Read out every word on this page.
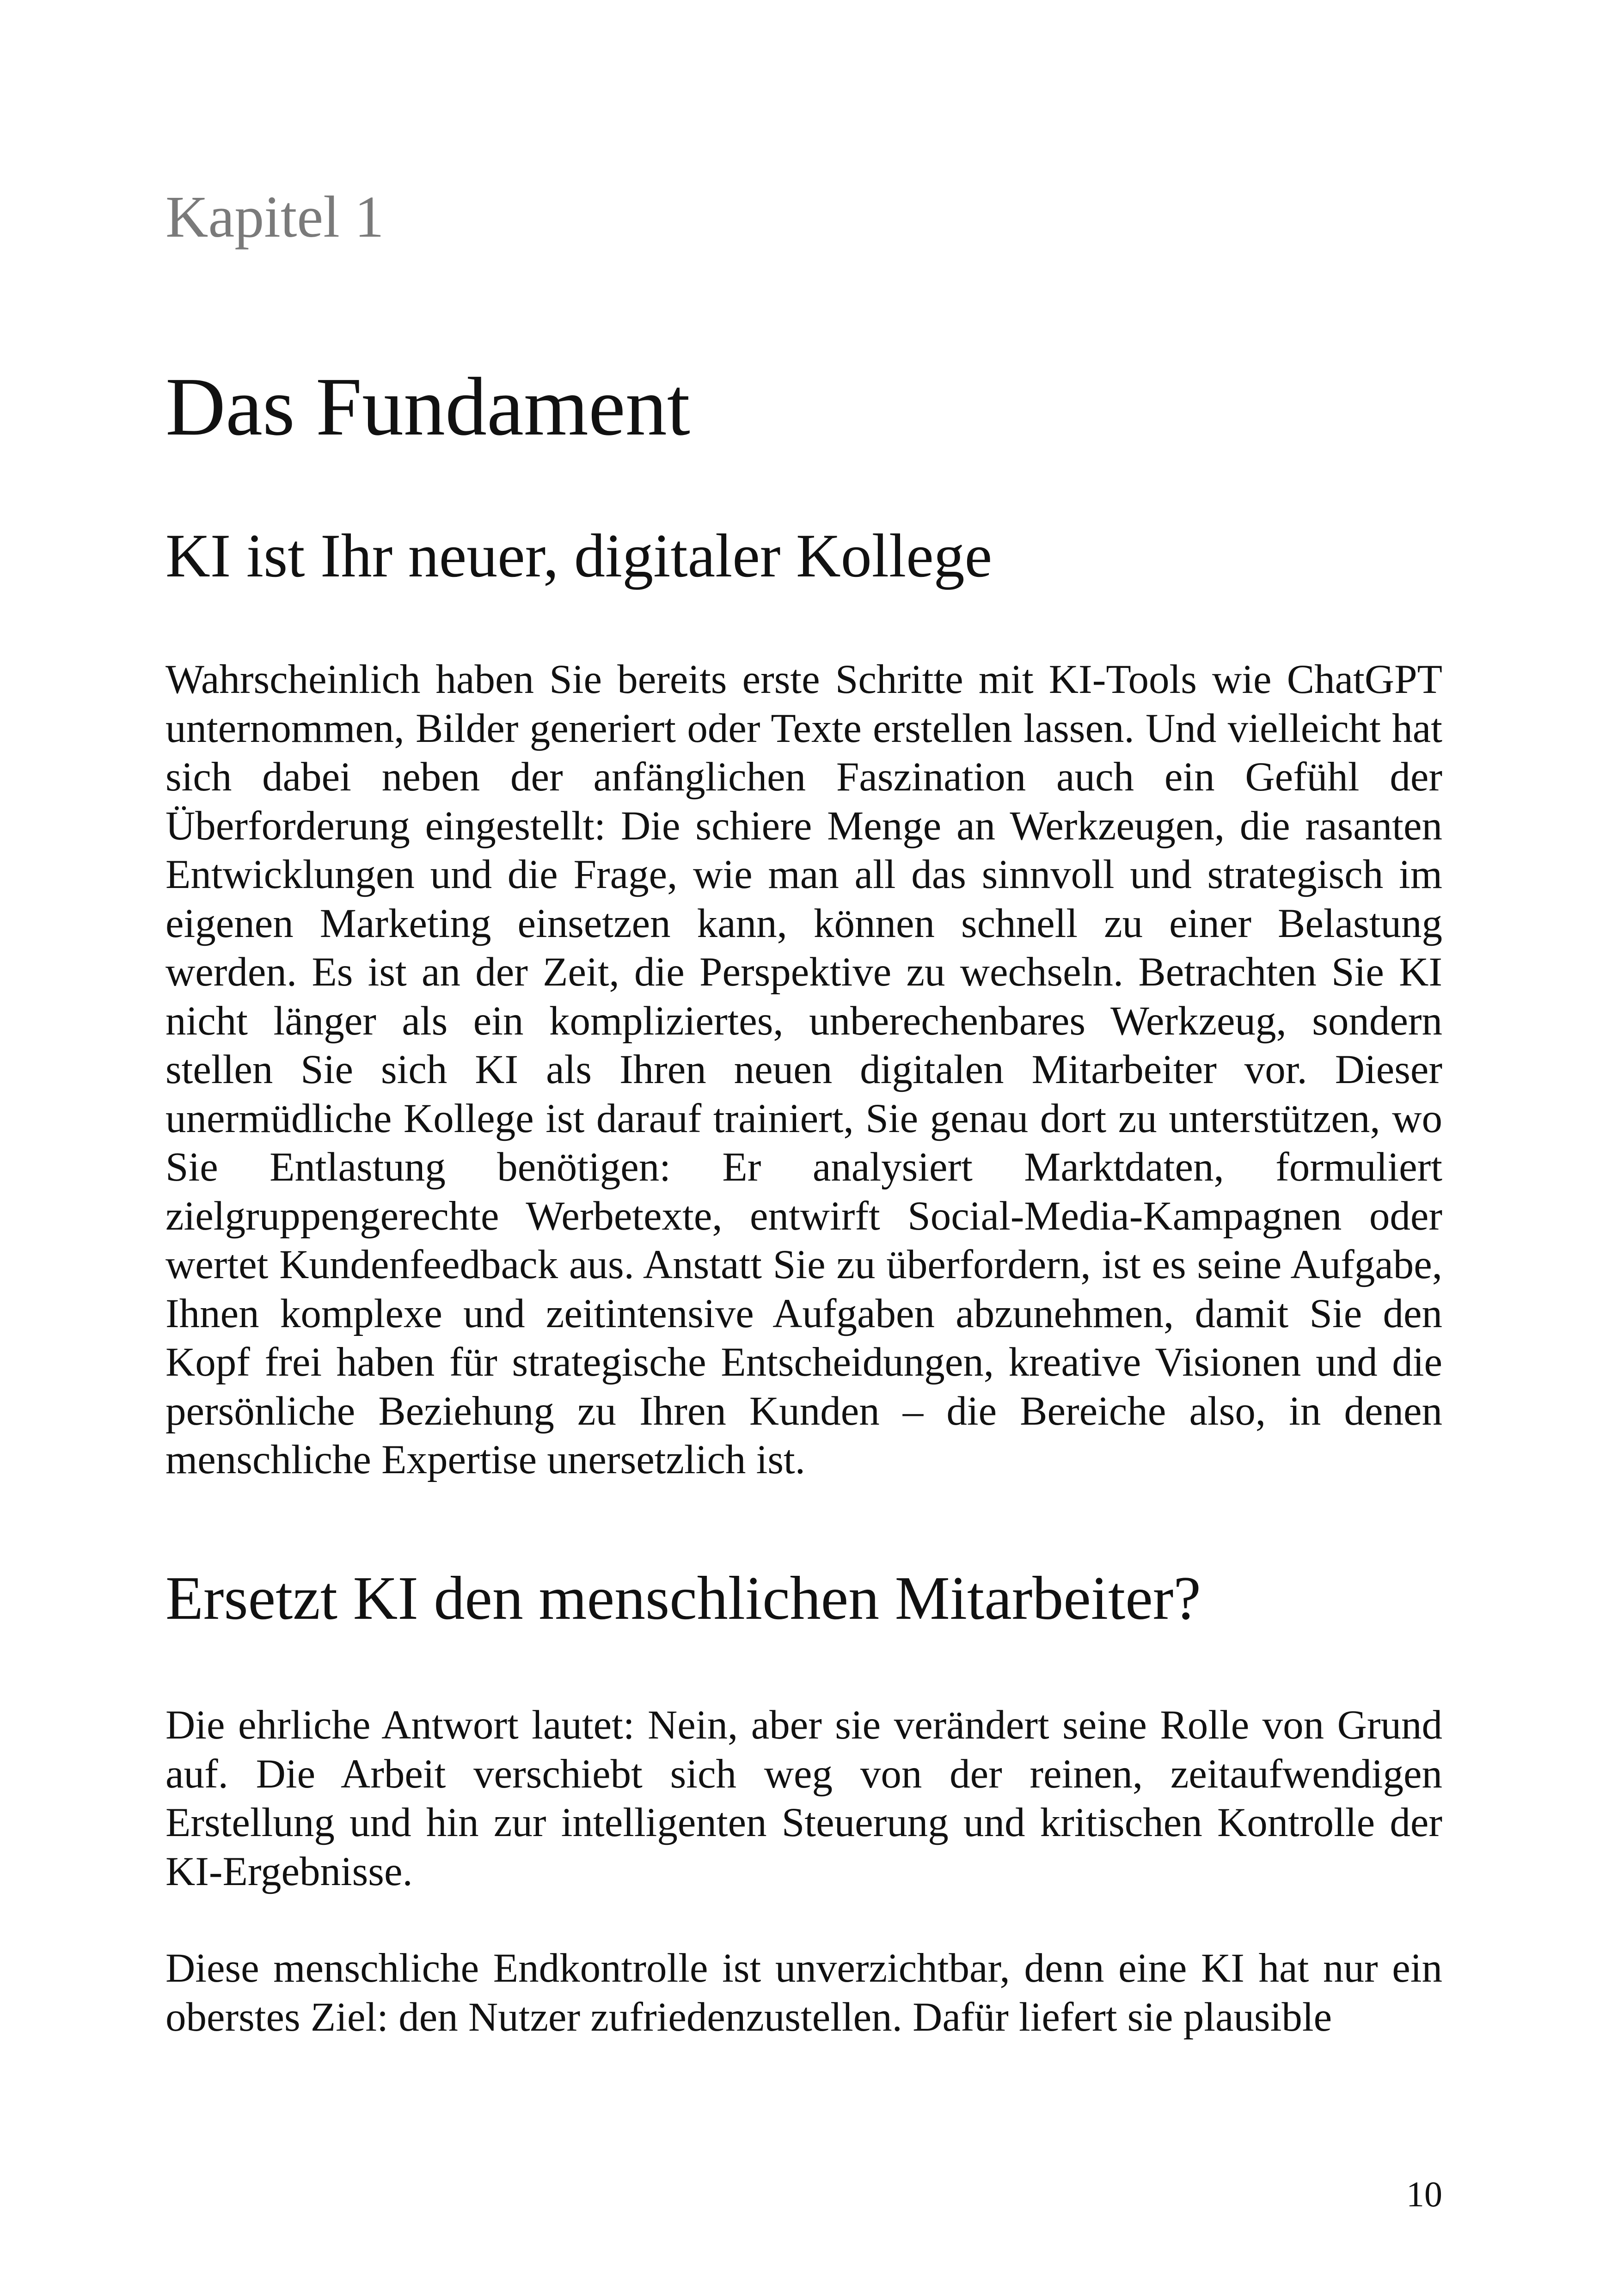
Kapitel 1
Das Fundament
KI ist Ihr neuer, digitaler Kollege

Wahrscheinlich haben Sie bereits erste Schritte mit KI-Tools wie ChatGPT unternommen, Bilder generiert oder Texte erstellen lassen. Und vielleicht hat sich dabei neben der anfänglichen Faszination auch ein Gefühl der Überforderung eingestellt: Die schiere Menge an Werkzeugen, die rasanten Entwicklungen und die Frage, wie man all das sinnvoll und strategisch im eigenen Marketing einsetzen kann, können schnell zu einer Belastung werden. Es ist an der Zeit, die Perspektive zu wechseln. Betrachten Sie KI nicht länger als ein kompliziertes, unberechenbares Werkzeug, sondern stellen Sie sich KI als Ihren neuen digitalen Mitarbeiter vor. Dieser unermüdliche Kollege ist darauf trainiert, Sie genau dort zu unterstützen, wo Sie Entlastung benötigen: Er analysiert Marktdaten, formuliert zielgruppengerechte Werbetexte, entwirft Social-Media-Kampagnen oder wertet Kundenfeedback aus. Anstatt Sie zu überfordern, ist es seine Aufgabe, Ihnen komplexe und zeitintensive Aufgaben abzunehmen, damit Sie den Kopf frei haben für strategische Entscheidungen, kreative Visionen und die persönliche Beziehung zu Ihren Kunden – die Bereiche also, in denen menschliche Expertise unersetzlich ist.

Ersetzt KI den menschlichen Mitarbeiter?

Die ehrliche Antwort lautet: Nein, aber sie verändert seine Rolle von Grund auf. Die Arbeit verschiebt sich weg von der reinen, zeitaufwendigen Erstellung und hin zur intelligenten Steuerung und kritischen Kontrolle der KI-Ergebnisse.

Diese menschliche Endkontrolle ist unverzichtbar, denn eine KI hat nur ein oberstes Ziel: den Nutzer zufriedenzustellen. Dafür liefert sie plausible

10
